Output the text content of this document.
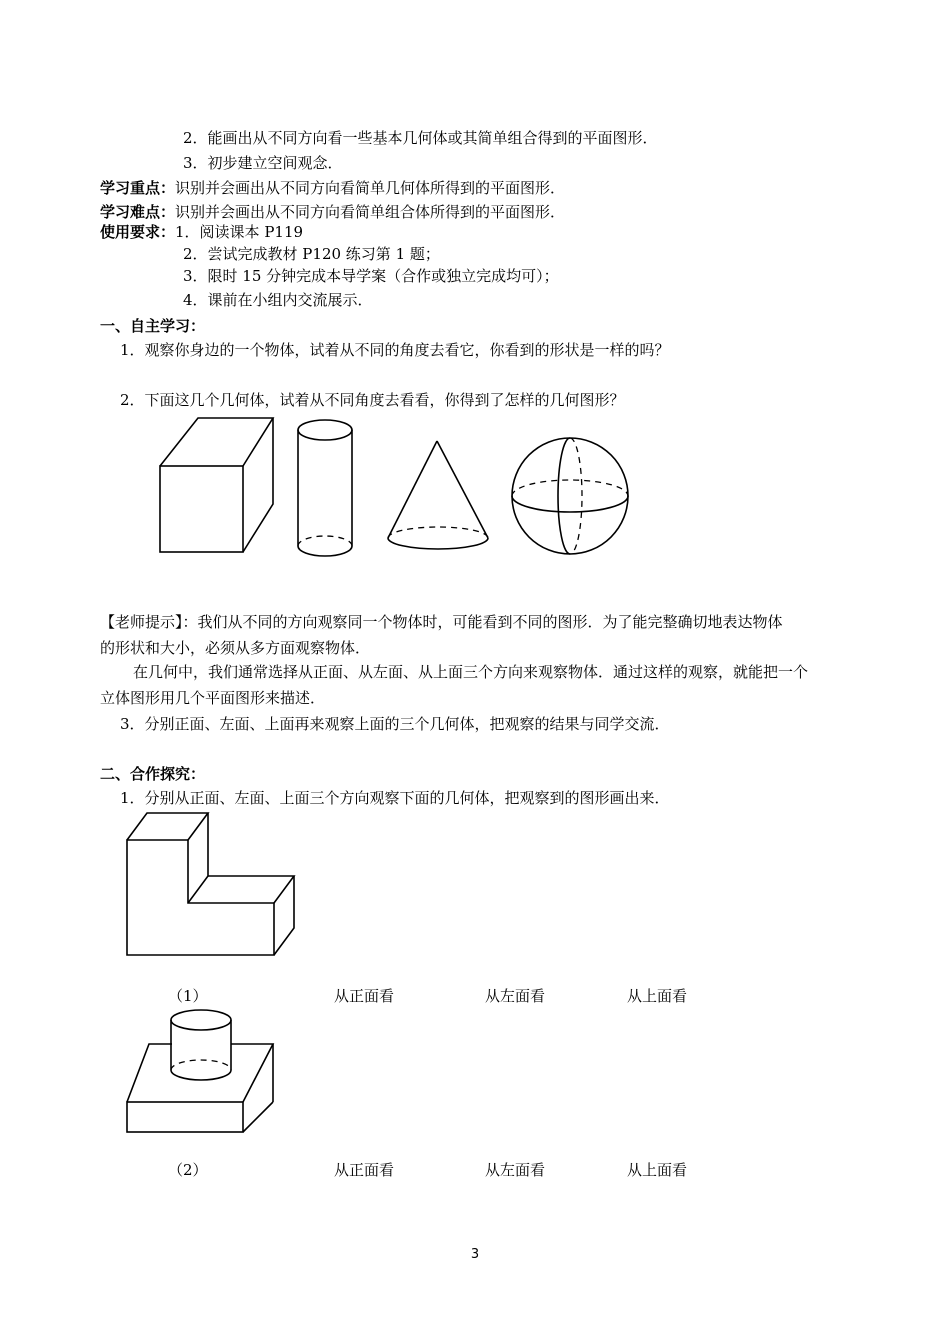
2．能画出从不同方向看一些基本几何体或其简单组合得到的平面图形．
3．初步建立空间观念．
学习重点：识别并会画出从不同方向看简单几何体所得到的平面图形．
学习难点：识别并会画出从不同方向看简单组合体所得到的平面图形．
使用要求：1．阅读课本 P119
2．尝试完成教材 P120 练习第 1 题；
3．限时 15 分钟完成本导学案（合作或独立完成均可）；
4．课前在小组内交流展示．
一、自主学习：
1．观察你身边的一个物体，试着从不同的角度去看它，你看到的形状是一样的吗？
2．下面这几个几何体，试着从不同角度去看看，你得到了怎样的几何图形？
【老师提示】：我们从不同的方向观察同一个物体时，可能看到不同的图形．为了能完整确切地表达物体
的形状和大小，必须从多方面观察物体．
在几何中，我们通常选择从正面、从左面、从上面三个方向来观察物体．通过这样的观察，就能把一个
立体图形用几个平面图形来描述．
3．分别正面、左面、上面再来观察上面的三个几何体，把观察的结果与同学交流．
二、合作探究：
1．分别从正面、左面、上面三个方向观察下面的几何体，把观察到的图形画出来．
（1）	从正面看	从左面看	从上面看
（2）	从正面看	从左面看	从上面看
3
